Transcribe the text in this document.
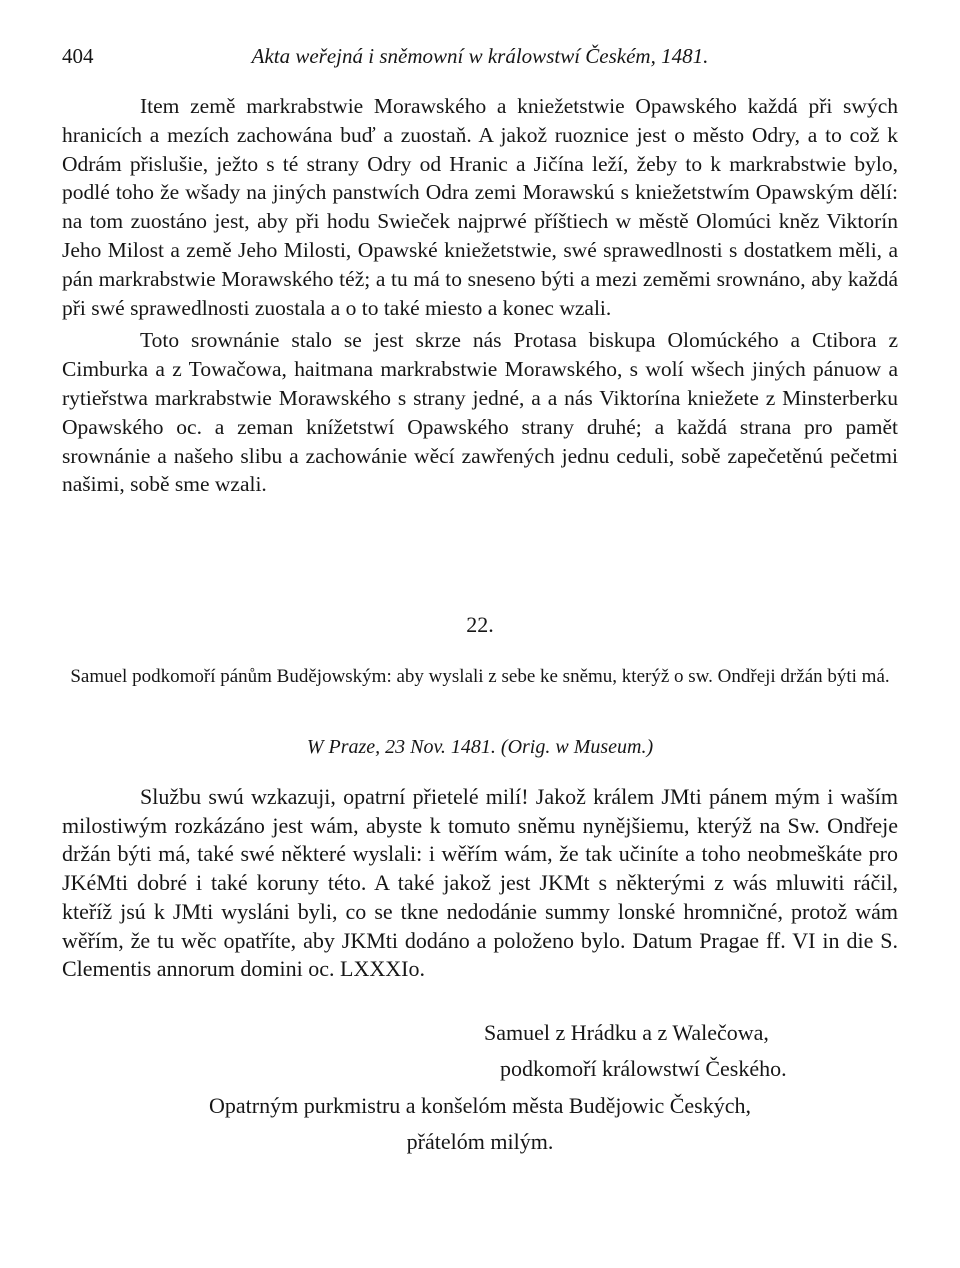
404	Akta weřejná i sněmowní w králowstwí Českém, 1481.

Item země markrabstwie Morawského a kniežetstwie Opawského každá při swých hranicích a mezích zachowána buď a zuostaň. A jakož ruoznice jest o město Odry, a to což k Odrám přislušie, ježto s té strany Odry od Hranic a Jičína leží, žeby to k markrabstwie bylo, podlé toho že wšady na jiných panstwích Odra zemi Morawskú s kniežetstwím Opawským dělí: na tom zuostáno jest, aby při hodu Swieček najprwé příštiech w městě Olomúci kněz Viktorín Jeho Milost a země Jeho Milosti, Opawské kniežetstwie, swé sprawedlnosti s dostatkem měli, a pán markrabstwie Morawského též; a tu má to sneseno býti a mezi zeměmi srownáno, aby každá při swé sprawedlnosti zuostala a o to také miesto a konec wzali.

Toto srownánie stalo se jest skrze nás Protasa biskupa Olomúckého a Ctibora z Cimburka a z Towačowa, haitmana markrabstwie Morawského, s wolí wšech jiných pánuow a rytieřstwa markrabstwie Morawského s strany jedné, a a nás Viktorína kniežete z Minsterberku Opawského oc. a zeman knížetstwí Opawského strany druhé; a každá strana pro pamět srownánie a našeho slibu a zachowánie wěcí zawřených jednu ceduli, sobě zapečetěnú pečetmi našimi, sobě sme wzali.

22.
Samuel podkomoří pánům Budějowským: aby wyslali z sebe ke sněmu, kterýž o sw. Ondřeji držán býti má.
W Praze, 23 Nov. 1481. (Orig. w Museum.)

Službu swú wzkazuji, opatrní přietelé milí! Jakož králem JMti pánem mým i waším milostiwým rozkázáno jest wám, abyste k tomuto sněmu nynějšiemu, kterýž na Sw. Ondřeje držán býti má, také swé některé wyslali: i wěřím wám, že tak učiníte a toho neobmeškáte pro JKéMti dobré i také koruny této. A také jakož jest JKMt s některými z wás mluwiti ráčil, kteříž jsú k JMti wysláni byli, co se tkne nedodánie summy lonské hromničné, protož wám wěřím, že tu wěc opatříte, aby JKMti dodáno a položeno bylo. Datum Pragae ff. VI in die S. Clementis annorum domini oc. LXXXIo.

Samuel z Hrádku a z Walečowa,
podkomoří králowstwí Českého.
Opatrným purkmistru a konšelóm města Budějowic Českých,
přátelóm milým.
